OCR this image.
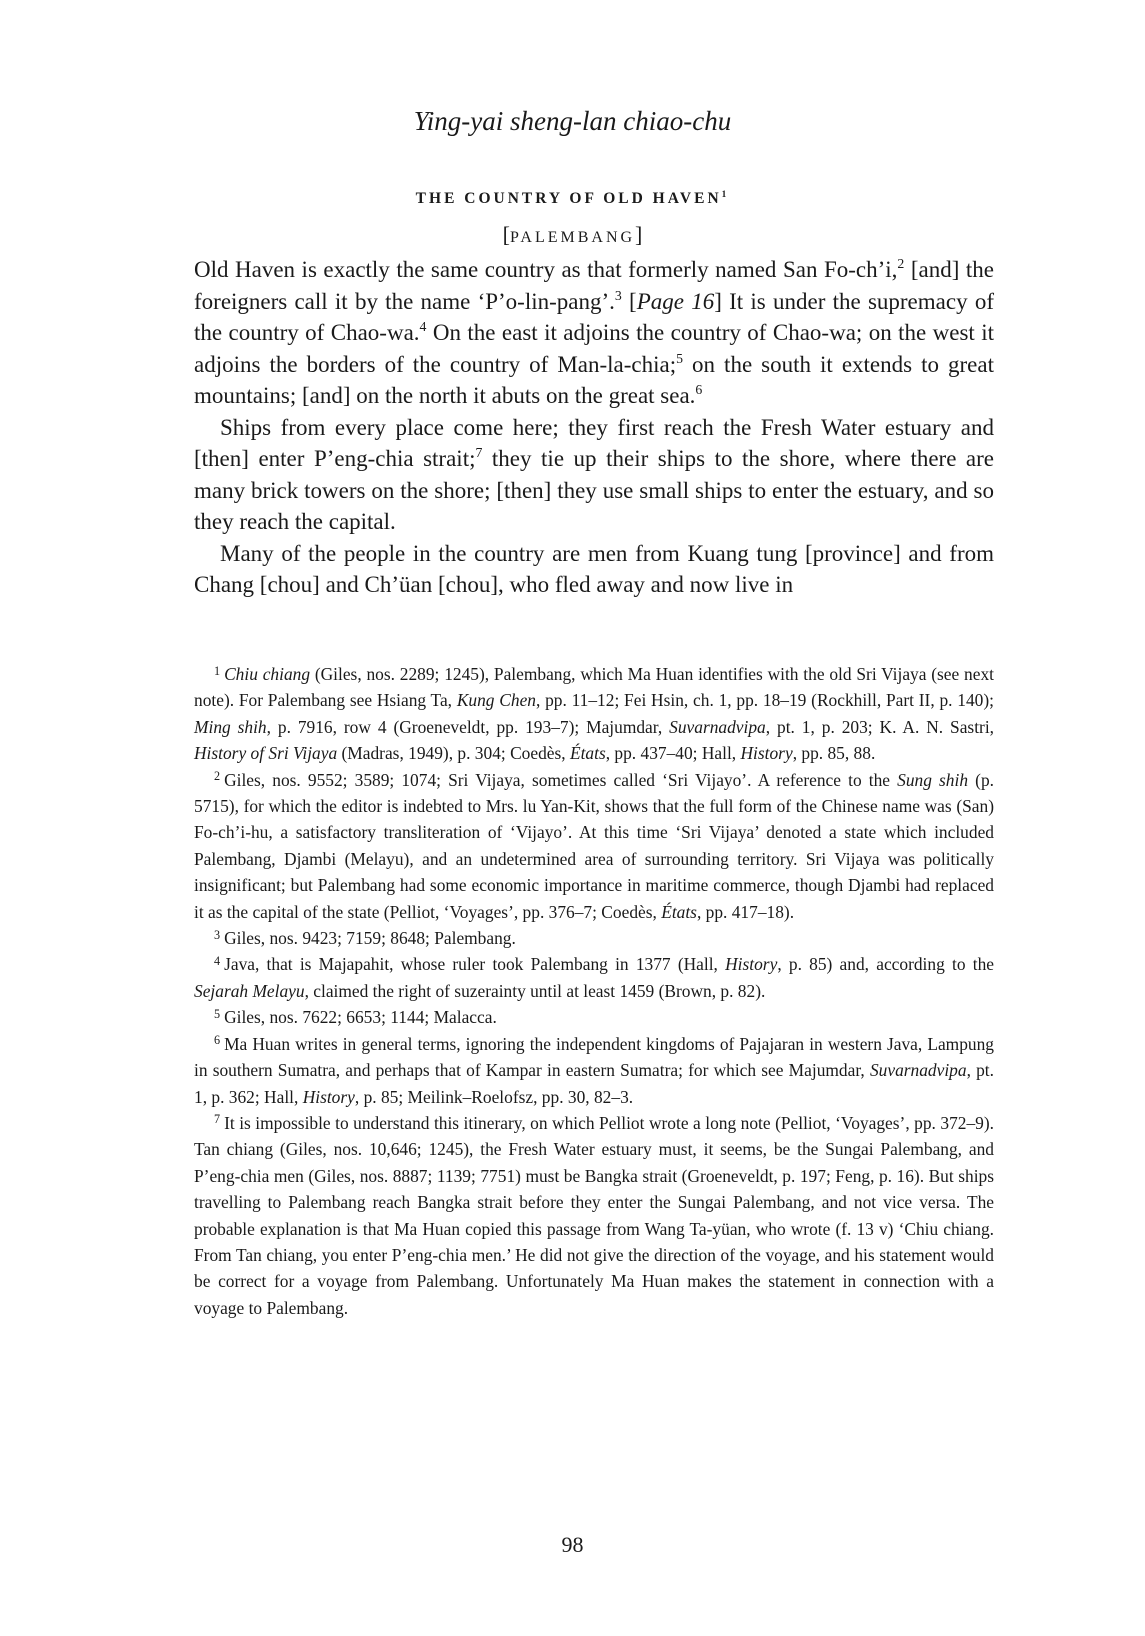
Ying-yai sheng-lan chiao-chu
THE COUNTRY OF OLD HAVEN$^1$
[PALEMBANG]

Old Haven is exactly the same country as that formerly named San Fo-ch’i,$^2$ [and] the foreigners call it by the name ‘P’o-lin-pang’.$^3$ [Page 16] It is under the supremacy of the country of Chao-wa.$^4$ On the east it adjoins the country of Chao-wa; on the west it adjoins the borders of the country of Man-la-chia;$^5$ on the south it extends to great mountains; [and] on the north it abuts on the great sea.$^6$

Ships from every place come here; they first reach the Fresh Water estuary and [then] enter P’eng-chia strait;$^7$ they tie up their ships to the shore, where there are many brick towers on the shore; [then] they use small ships to enter the estuary, and so they reach the capital.

Many of the people in the country are men from Kuang tung [province] and from Chang [chou] and Ch’üan [chou], who fled away and now live in

$^1$ Chiu chiang (Giles, nos. 2289; 1245), Palembang, which Ma Huan identifies with the old Sri Vijaya (see next note). For Palembang see Hsiang Ta, Kung Chen, pp. 11–12; Fei Hsin, ch. 1, pp. 18–19 (Rockhill, Part II, p. 140); Ming shih, p. 7916, row 4 (Groeneveldt, pp. 193–7); Majumdar, Suvarnadvipa, pt. 1, p. 203; K. A. N. Sastri, History of Sri Vijaya (Madras, 1949), p. 304; Coedès, États, pp. 437–40; Hall, History, pp. 85, 88.

$^2$ Giles, nos. 9552; 3589; 1074; Sri Vijaya, sometimes called ‘Sri Vijayo’. A reference to the Sung shih (p. 5715), for which the editor is indebted to Mrs. lu Yan-Kit, shows that the full form of the Chinese name was (San) Fo-ch’i-hu, a satisfactory transliteration of ‘Vijayo’. At this time ‘Sri Vijaya’ denoted a state which included Palembang, Djambi (Melayu), and an undetermined area of surrounding territory. Sri Vijaya was politically insignificant; but Palembang had some economic importance in maritime commerce, though Djambi had replaced it as the capital of the state (Pelliot, ‘Voyages’, pp. 376–7; Coedès, États, pp. 417–18).

$^3$ Giles, nos. 9423; 7159; 8648; Palembang.

$^4$ Java, that is Majapahit, whose ruler took Palembang in 1377 (Hall, History, p. 85) and, according to the Sejarah Melayu, claimed the right of suzerainty until at least 1459 (Brown, p. 82).

$^5$ Giles, nos. 7622; 6653; 1144; Malacca.

$^6$ Ma Huan writes in general terms, ignoring the independent kingdoms of Pajajaran in western Java, Lampung in southern Sumatra, and perhaps that of Kampar in eastern Sumatra; for which see Majumdar, Suvarnadvipa, pt. 1, p. 362; Hall, History, p. 85; Meilink–Roelofsz, pp. 30, 82–3.

$^7$ It is impossible to understand this itinerary, on which Pelliot wrote a long note (Pelliot, ‘Voyages’, pp. 372–9). Tan chiang (Giles, nos. 10,646; 1245), the Fresh Water estuary must, it seems, be the Sungai Palembang, and P’eng-chia men (Giles, nos. 8887; 1139; 7751) must be Bangka strait (Groeneveldt, p. 197; Feng, p. 16). But ships travelling to Palembang reach Bangka strait before they enter the Sungai Palembang, and not vice versa. The probable explanation is that Ma Huan copied this passage from Wang Ta-yüan, who wrote (f. 13 v) ‘Chiu chiang. From Tan chiang, you enter P’eng-chia men.’ He did not give the direction of the voyage, and his statement would be correct for a voyage from Palembang. Unfortunately Ma Huan makes the statement in connection with a voyage to Palembang.

98
